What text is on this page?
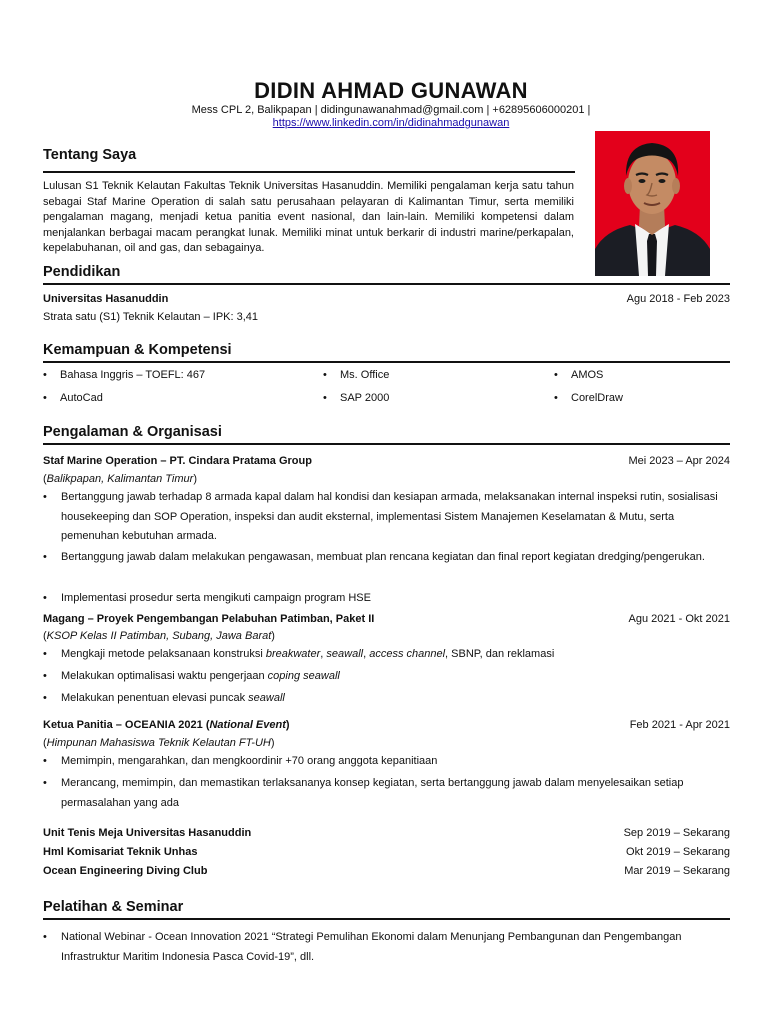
DIDIN AHMAD GUNAWAN
Mess CPL 2, Balikpapan | didingunawanahmad@gmail.com | +62895606000201 |
https://www.linkedin.com/in/didinahmadgunawan
Tentang Saya
Lulusan S1 Teknik Kelautan Fakultas Teknik Universitas Hasanuddin. Memiliki pengalaman kerja satu tahun sebagai Staf Marine Operation di salah satu perusahaan pelayaran di Kalimantan Timur, serta memiliki pengalaman magang, menjadi ketua panitia event nasional, dan lain-lain. Memiliki kompetensi dalam menjalankan berbagai macam perangkat lunak. Memiliki minat untuk berkarir di industri marine/perkapalan, kepelabuhanan, oil and gas, dan sebagainya.
Pendidikan
Universitas Hasanuddin	Agu 2018 - Feb 2023
Strata satu (S1) Teknik Kelautan – IPK: 3,41
Kemampuan & Kompetensi
• Bahasa Inggris – TOEFL: 467	• Ms. Office	• AMOS
• AutoCad	• SAP 2000	• CorelDraw
Pengalaman & Organisasi
Staf Marine Operation – PT. Cindara Pratama Group	Mei 2023 – Apr 2024
(Balikpapan, Kalimantan Timur)
• Bertanggung jawab terhadap 8 armada kapal dalam hal kondisi dan kesiapan armada, melaksanakan internal inspeksi rutin, sosialisasi housekeeping dan SOP Operation, inspeksi dan audit eksternal, implementasi Sistem Manajemen Keselamatan & Mutu, serta pemenuhan kebutuhan armada.
• Bertanggung jawab dalam melakukan pengawasan, membuat plan rencana kegiatan dan final report kegiatan dredging/pengerukan.
• Implementasi prosedur serta mengikuti campaign program HSE
Magang – Proyek Pengembangan Pelabuhan Patimban, Paket II	Agu 2021 - Okt 2021
(KSOP Kelas II Patimban, Subang, Jawa Barat)
• Mengkaji metode pelaksanaan konstruksi breakwater, seawall, access channel, SBNP, dan reklamasi
• Melakukan optimalisasi waktu pengerjaan coping seawall
• Melakukan penentuan elevasi puncak seawall
Ketua Panitia – OCEANIA 2021 (National Event)	Feb 2021 - Apr 2021
(Himpunan Mahasiswa Teknik Kelautan FT-UH)
• Memimpin, mengarahkan, dan mengkoordinir +70 orang anggota kepanitiaan
• Merancang, memimpin, dan memastikan terlaksananya konsep kegiatan, serta bertanggung jawab dalam menyelesaikan setiap permasalahan yang ada
Unit Tenis Meja Universitas Hasanuddin	Sep 2019 – Sekarang
Hml Komisariat Teknik Unhas	Okt 2019 – Sekarang
Ocean Engineering Diving Club	Mar 2019 – Sekarang
Pelatihan & Seminar
• National Webinar - Ocean Innovation 2021 “Strategi Pemulihan Ekonomi dalam Menunjang Pembangunan dan Pengembangan Infrastruktur Maritim Indonesia Pasca Covid-19”, dll.
